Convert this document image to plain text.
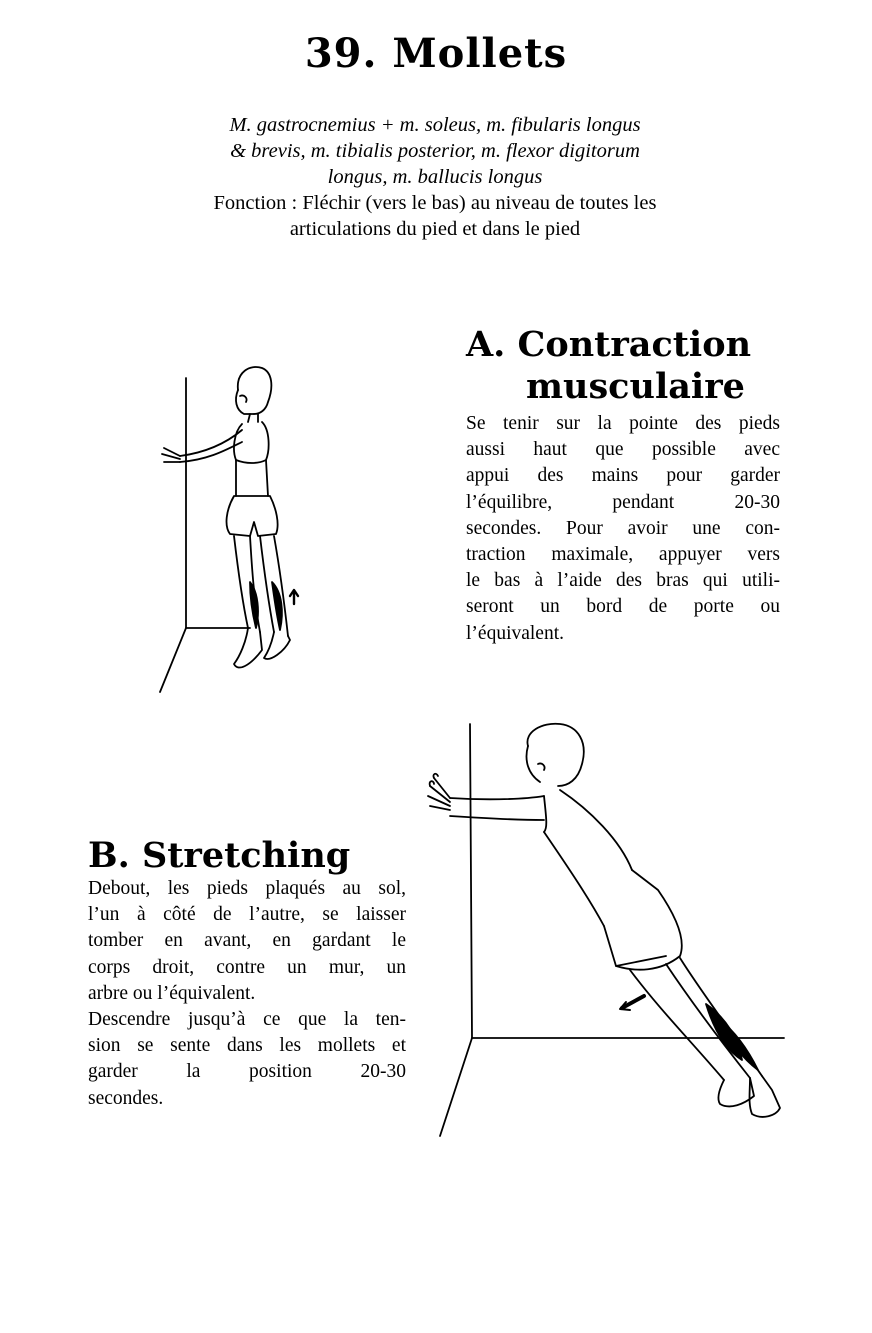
39. Mollets
M. gastrocnemius + m. soleus, m. fibularis longus
& brevis, m. tibialis posterior, m. flexor digitorum
longus, m. ballucis longus
Fonction : Fléchir (vers le bas) au niveau de toutes les
articulations du pied et dans le pied
A. Contraction
musculaire
Se tenir sur la pointe des pieds
aussi haut que possible avec
appui des mains pour garder
l’équilibre, pendant 20-30
secondes. Pour avoir une con-
traction maximale, appuyer vers
le bas à l’aide des bras qui utili-
seront un bord de porte ou
l’équivalent.
B. Stretching
Debout, les pieds plaqués au sol,
l’un à côté de l’autre, se laisser
tomber en avant, en gardant le
corps droit, contre un mur, un
arbre ou l’équivalent.
Descendre jusqu’à ce que la ten-
sion se sente dans les mollets et
garder la position 20-30
secondes.
